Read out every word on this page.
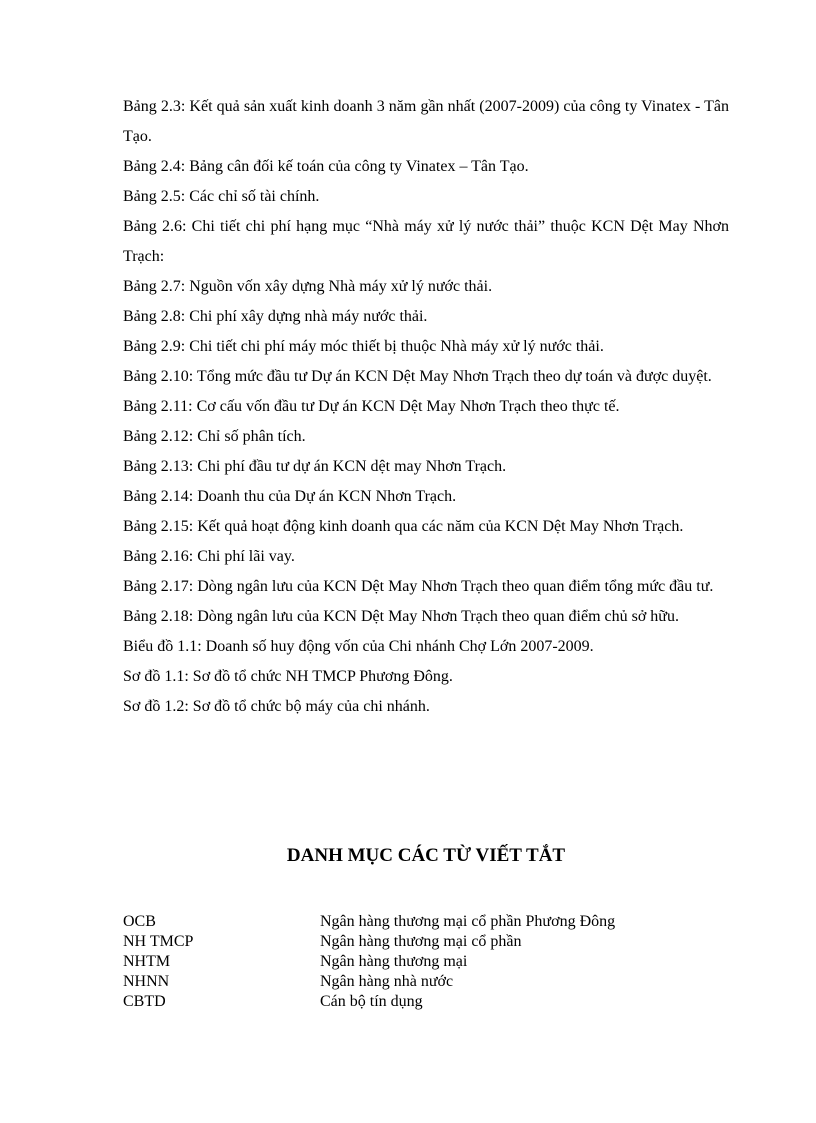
Bảng 2.3: Kết quả sản xuất kinh doanh 3 năm gần nhất (2007-2009) của công ty Vinatex - Tân Tạo.

Bảng 2.4: Bảng cân đối kế toán của công ty Vinatex – Tân Tạo.

Bảng 2.5: Các chỉ số tài chính.

Bảng 2.6: Chi tiết chi phí hạng mục “Nhà máy xử lý nước thải” thuộc KCN Dệt May Nhơn Trạch:

Bảng 2.7: Nguồn vốn xây dựng Nhà máy xử lý nước thải.

Bảng 2.8: Chi phí xây dựng nhà máy nước thải.

Bảng 2.9: Chi tiết chi phí máy móc thiết bị thuộc Nhà máy xử lý nước thải.

Bảng 2.10: Tổng mức đầu tư Dự án KCN Dệt May Nhơn Trạch theo dự toán và được duyệt.

Bảng 2.11: Cơ cấu vốn đầu tư Dự án KCN Dệt May Nhơn Trạch theo thực tế.

Bảng 2.12: Chỉ số phân tích.

Bảng 2.13: Chi phí đầu tư dự án KCN dệt may Nhơn Trạch.

Bảng 2.14: Doanh thu của Dự án KCN Nhơn Trạch.

Bảng 2.15: Kết quả hoạt động kinh doanh qua các năm của KCN Dệt May Nhơn Trạch.

Bảng 2.16: Chi phí lãi vay.

Bảng 2.17: Dòng ngân lưu của KCN Dệt May Nhơn Trạch theo quan điểm tổng mức đầu tư.

Bảng 2.18: Dòng ngân lưu của KCN Dệt May Nhơn Trạch theo quan điểm chủ sở hữu.

Biểu đồ 1.1: Doanh số huy động vốn của Chi nhánh Chợ Lớn 2007-2009.

Sơ đồ 1.1: Sơ đồ tổ chức NH TMCP Phương Đông.

Sơ đồ 1.2: Sơ đồ tổ chức bộ máy của chi nhánh.

DANH MỤC CÁC TỪ VIẾT TẮT
OCB	Ngân hàng thương mại cổ phần Phương Đông
NH TMCP	Ngân hàng thương mại cổ phần
NHTM	Ngân hàng thương mại
NHNN	Ngân hàng nhà nước
CBTD	Cán bộ tín dụng
